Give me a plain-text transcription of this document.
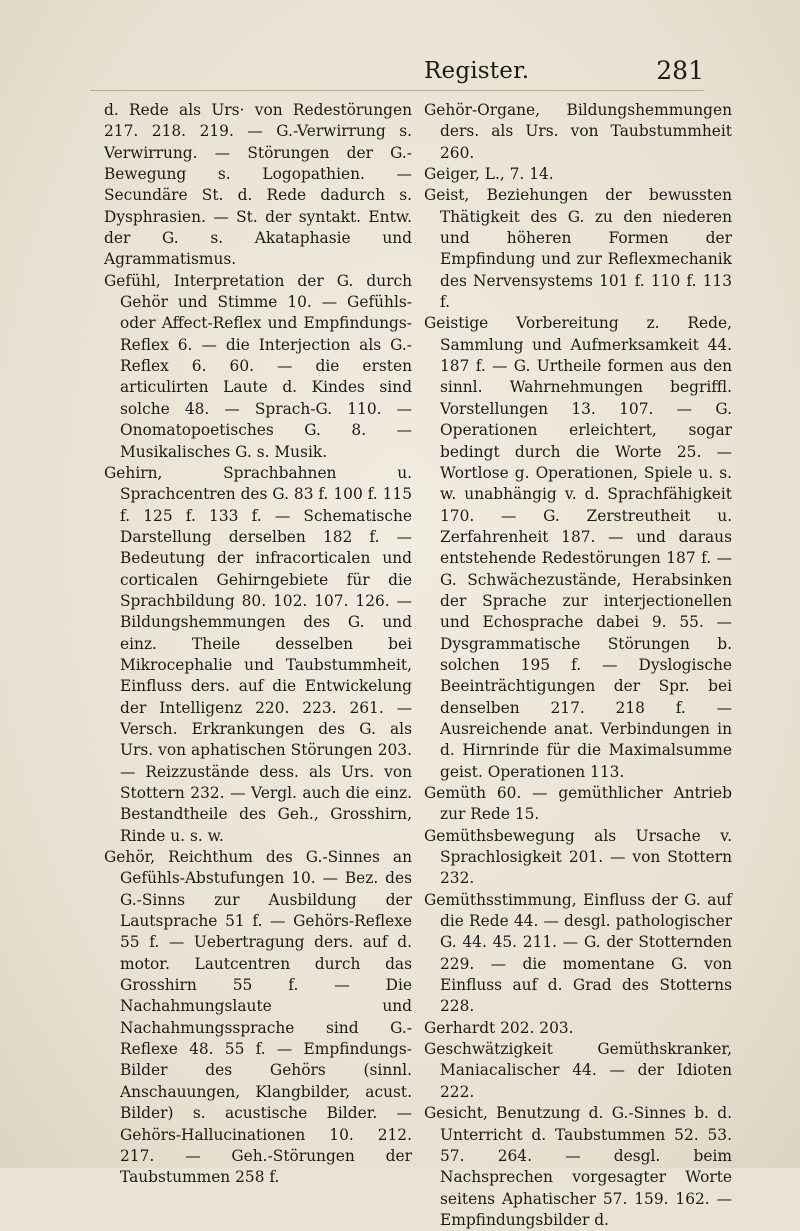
Register.	281

d. Rede als Urs· von Redestörungen 217. 218. 219. — G.-Verwirrung s. Verwirrung. — Störungen der G.-Bewegung s. Logopathien. — Secundäre St. d. Rede dadurch s. Dysphrasien. — St. der syntakt. Entw. der G. s. Akataphasie und Agrammatismus.

Gefühl, Interpretation der G. durch Gehör und Stimme 10. — Gefühls- oder Affect-Reflex und Empfindungs-Reflex 6. — die Interjection als G.-Reflex 6. 60. — die ersten articulirten Laute d. Kindes sind solche 48. — Sprach-G. 110. — Onomatopoetisches G. 8. — Musikalisches G. s. Musik.

Gehirn, Sprachbahnen u. Sprachcentren des G. 83 f. 100 f. 115 f. 125 f. 133 f. — Schematische Darstellung derselben 182 f. — Bedeutung der infracorticalen und corticalen Gehirngebiete für die Sprachbildung 80. 102. 107. 126. — Bildungshemmungen des G. und einz. Theile desselben bei Mikrocephalie und Taubstummheit, Einfluss ders. auf die Entwickelung der Intelligenz 220. 223. 261. — Versch. Erkrankungen des G. als Urs. von aphatischen Störungen 203. — Reizzustände dess. als Urs. von Stottern 232. — Vergl. auch die einz. Bestandtheile des Geh., Grosshirn, Rinde u. s. w.

Gehör, Reichthum des G.-Sinnes an Gefühls-Abstufungen 10. — Bez. des G.-Sinns zur Ausbildung der Lautsprache 51 f. — Gehörs-Reflexe 55 f. — Uebertragung ders. auf d. motor. Lautcentren durch das Grosshirn 55 f. — Die Nachahmungslaute und Nachahmungssprache sind G.-Reflexe 48. 55 f. — Empfindungs-Bilder des Gehörs (sinnl. Anschauungen, Klangbilder, acust. Bilder) s. acustische Bilder. — Gehörs-Hallucinationen 10. 212. 217. — Geh.-Störungen der Taubstummen 258 f.

Gehör-Organe, Bildungshemmungen ders. als Urs. von Taubstummheit 260.

Geiger, L., 7. 14.

Geist, Beziehungen der bewussten Thätigkeit des G. zu den niederen und höheren Formen der Empfindung und zur Reflexmechanik des Nervensystems 101 f. 110 f. 113 f.

Geistige Vorbereitung z. Rede, Sammlung und Aufmerksamkeit 44. 187 f. — G. Urtheile formen aus den sinnl. Wahrnehmungen begriffl. Vorstellungen 13. 107. — G. Operationen erleichtert, sogar bedingt durch die Worte 25. — Wortlose g. Operationen, Spiele u. s. w. unabhängig v. d. Sprachfähigkeit 170. — G. Zerstreutheit u. Zerfahrenheit 187. — und daraus entstehende Redestörungen 187 f. — G. Schwächezustände, Herabsinken der Sprache zur interjectionellen und Echosprache dabei 9. 55. — Dysgrammatische Störungen b. solchen 195 f. — Dyslogische Beeinträchtigungen der Spr. bei denselben 217. 218 f. — Ausreichende anat. Verbindungen in d. Hirnrinde für die Maximalsumme geist. Operationen 113.

Gemüth 60. — gemüthlicher Antrieb zur Rede 15.

Gemüthsbewegung als Ursache v. Sprachlosigkeit 201. — von Stottern 232.

Gemüthsstimmung, Einfluss der G. auf die Rede 44. — desgl. pathologischer G. 44. 45. 211. — G. der Stotternden 229. — die momentane G. von Einfluss auf d. Grad des Stotterns 228.

Gerhardt 202. 203.

Geschwätzigkeit Gemüthskranker, Maniacalischer 44. — der Idioten 222.

Gesicht, Benutzung d. G.-Sinnes b. d. Unterricht d. Taubstummen 52. 53. 57. 264. — desgl. beim Nachsprechen vorgesagter Worte seitens Aphatischer 57. 159. 162. — Empfindungsbilder d.
